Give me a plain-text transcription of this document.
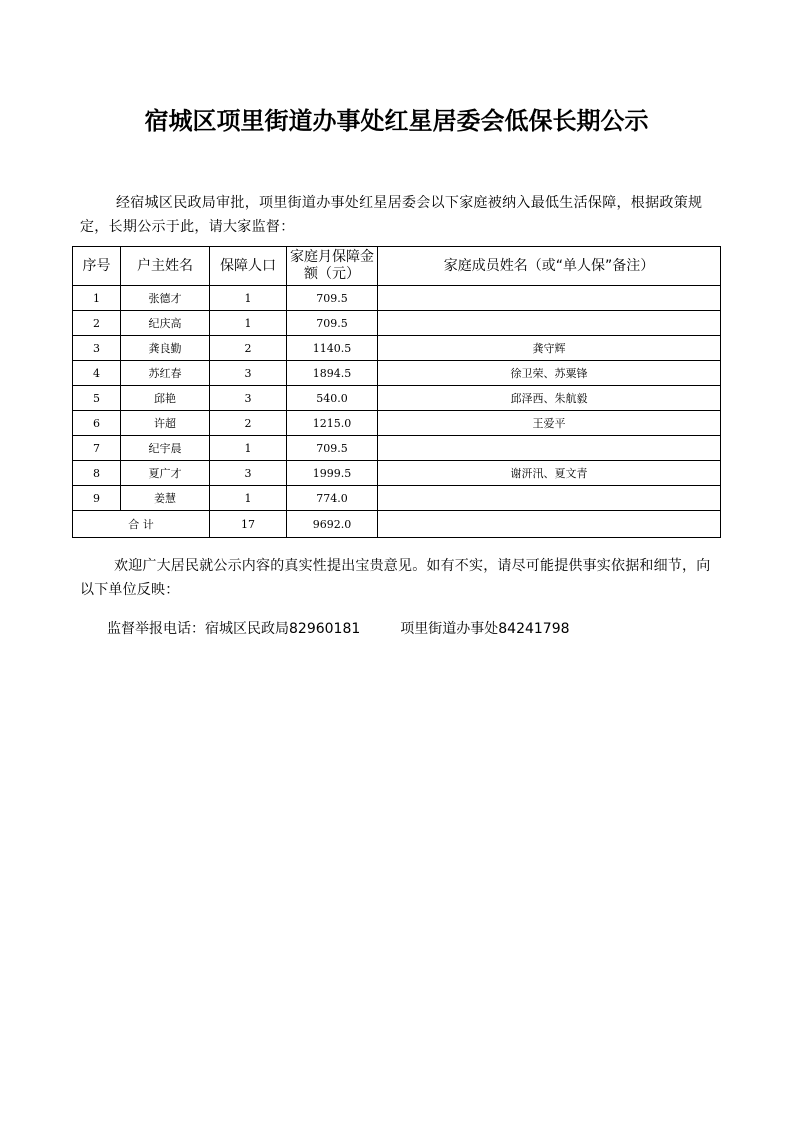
宿城区项里街道办事处红星居委会低保长期公示
经宿城区民政局审批，项里街道办事处红星居委会以下家庭被纳入最低生活保障，根据政策规定，长期公示于此，请大家监督：
序号	户主姓名	保障人口	家庭月保障金额（元）	家庭成员姓名（或“单人保”备注）
1	张德才	1	709.5	
2	纪庆高	1	709.5	
3	龚良勤	2	1140.5	龚守辉
4	苏红春	3	1894.5	徐卫荣、苏粟锋
5	邱艳	3	540.0	邱泽西、朱航毅
6	许超	2	1215.0	王爱平
7	纪宇晨	1	709.5	
8	夏广才	3	1999.5	谢汧汛、夏文青
9	姜慧	1	774.0	
合 计		17	9692.0	
欢迎广大居民就公示内容的真实性提出宝贵意见。如有不实，请尽可能提供事实依据和细节，向以下单位反映：
监督举报电话：宿城区民政局82960181	项里街道办事处84241798
